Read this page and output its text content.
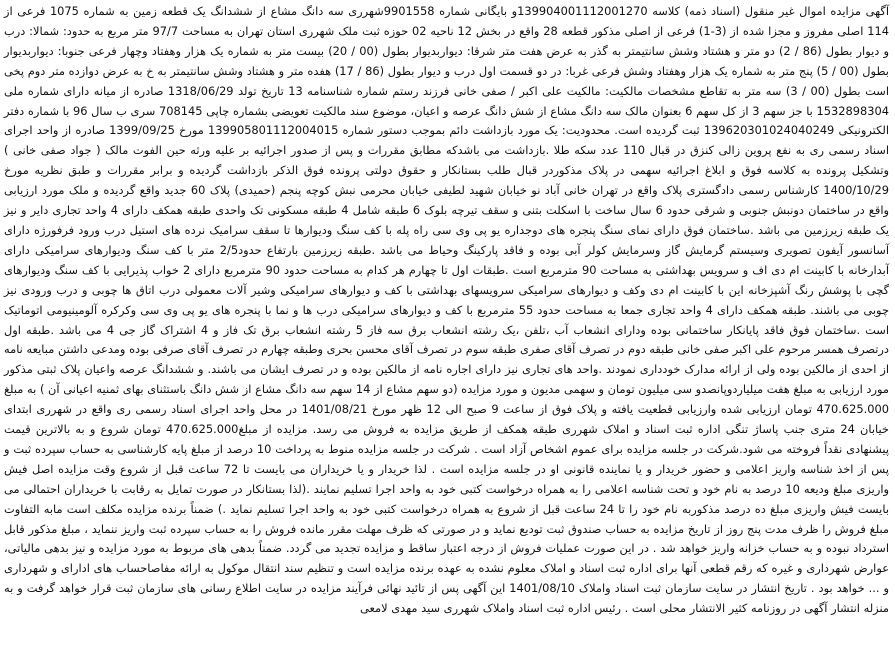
آگهی مزایده اموال غیر منقول (اسناد ذمه) کلاسه 139904001112001270و بایگانی شماره 9901558شهرری سه دانگ مشاع از ششدانگ یک قطعه زمین به شماره 1075 فرعی از 114 اصلی مفروز و مجزا شده از (3-1) فرعی از اصلی مذکور قطعه 28 واقع در بخش 12 ناحیه 02 حوزه ثبت ملک شهرری استان تهران به مساحت 97/7 متر مربع به حدود: شمالا: درب و دیوار بطول (86 / 2) دو متر و هشتاد وشش سانتیمتر به گذر به عرض هفت متر شرقا: دیواربدیوار بطول (00 / 20) بیست متر به شماره یک هزار وهفتاد وچهار فرعی جنوبا: دیواربدیوار بطول (00 / 5) پنج متر به شماره یک هزار وهفتاد وشش فرعی غربا: در دو قسمت اول درب و دیوار بطول (86 / 17) هفده متر و هشتاد وشش سانتیمتر به خ به عرض دوازده متر دوم پخی است بطول (00 / 3) سه متر به تقاطع مشخصات مالکیت: مالکیت علی اکبر / صفی خانی فرزند رستم شماره شناسنامه 13 تاریخ تولد 1318/06/29 صادره از میانه دارای شماره ملی 1532898304 با جز سهم 3 از کل سهم 6 بعنوان مالک سه دانگ مشاع از شش دانگ عرصه و اعیان، موضوع سند مالکیت تعویضی بشماره چاپی 708145 سری ب سال 96 با شماره دفتر الکترونیکی 139620301024040249 ثبت گردیده است. محدودیت: یک مورد بازداشت دائم بموجب دستور شماره 139905801112004015 مورخ 1399/09/25 صادره از واحد اجرای اسناد رسمی ری به نفع پروین زالی کنزق در قبال 110 عدد سکه طلا .بازداشت می باشدکه مطابق مقررات و پس از صدور اجرائیه بر علیه ورثه حین الفوت مالک ( جواد صفی خانی ) وتشکیل پرونده به کلاسه فوق و ابلاغ اجرائیه سهمی در پلاک مذکوردر قبال طلب بستانکار و حقوق دولتی پرونده فوق الذکر بازداشت گردیده و برابر مقررات و طبق نظریه مورخ 1400/10/29 کارشناس رسمی دادگستری پلاک واقع در تهران خانی آباد نو خیابان شهید لطیفی خیابان محرمی نبش کوچه پنجم (حمیدی) پلاک 60 جدید واقع گردیده و ملک مورد ارزیابی واقع در ساختمان دونبش جنوبی و شرقی حدود 6 سال ساخت با اسکلت بتنی و سقف تیرچه بلوک 6 طبقه شامل 4 طبقه مسکونی تک واحدی طبقه همکف دارای 4 واحد تجاری دایر و نیز یک طبقه زیرزمین می باشد .ساختمان فوق دارای نمای سنگ پنجره های دوجداره یو پی وی سی راه پله با کف سنگ ودیوارها تا سقف سرامیک نرده های استیل درب ورود فرفورژه دارای آسانسور آیفون تصویری وسیستم گرمایش گاز وسرمایش کولر آبی بوده و فاقد پارکینگ وحیاط می باشد .طبقه زیرزمین بارتفاع حدود2/5 متر با کف سنگ ودیوارهای سرامیکی دارای آبدارخانه با کابینت ام دی اف و سرویس بهداشتی به مساحت 90 مترمربع است .طبقات اول تا چهارم هر کدام به مساحت حدود 90 مترمربع دارای 2 خواب پذیرایی با کف سنگ ودیوارهای گچی با پوشش رنگ آشپزخانه این با کابینت ام دی وکف و دیوارهای سرامیکی سرویسهای بهداشتی با کف و دیوارهای سرامیکی وشیر آلات معمولی درب اتاق ها چوبی و درب ورودی نیز چوبی می باشند. طبقه همکف دارای 4 واحد تجاری جمعا به مساحت حدود 55 مترمربع با کف و دیوارهای سرامیکی درب ها و نما با پنجره های یو پی وی سی وکرکره آلومینیومی اتوماتیک است .ساختمان فوق فاقد پایانکار ساختمانی بوده ودارای انشعاب آب ،تلفن ،یک رشته انشعاب برق سه فاز 5 رشته انشعاب برق تک فاز و 4 اشتراک گاز جی 4 می باشد .طبقه اول درتصرف همسر مرحوم علی اکبر صفی خانی طبقه دوم در تصرف آقای صفری طبقه سوم در تصرف آقای محسن بحری وطبقه چهارم در تصرف آقای صرفی بوده ومدعی داشتن مبایعه نامه از احدی از مالکین بوده ولی از ارائه مدارک خودداری نمودند .واحد های تجاری نیز دارای اجاره نامه از مالکین بوده و در تصرف ایشان می باشند. و ششدانگ عرصه واعیان پلاک ثبتی مذکور مورد ارزیابی به مبلغ هفت میلیاردوپانصدو سی میلیون تومان و سهمی مدیون و مورد مزایده (دو سهم مشاع از 14 سهم سه دانگ مشاع از شش دانگ باستثنای بهای ثمنیه اعیانی آن ) به مبلغ 470.625.000 تومان ارزیابی شده وارزیابی قطعیت یافته و پلاک فوق از ساعت 9 صبح الی 12 ظهر مورخ 1401/08/21 در محل واحد اجرای اسناد رسمی ری واقع در شهرری ابتدای خیابان 24 متری جنب پاساژ تنگی اداره ثبت اسناد و املاک شهرری طبقه همکف از طریق مزایده به فروش می رسد. مزایده از مبلغ470.625.000 تومان شروع و به بالاترین قیمت پیشنهادی نقداً فروخته می شود.شرکت در جلسه مزایده برای عموم اشخاص آزاد است . شرکت در جلسه مزایده منوط به پرداخت 10 درصد از مبلغ پایه کارشناسی به حساب سپرده ثبت و پس از اخذ شناسه واریز اعلامی و حضور خریدار و یا نماینده قانونی او در جلسه مزایده است . لذا خریدار و یا خریداران می بایست تا 72 ساعت قبل از شروع وقت مزایده اصل فیش واریزی مبلغ ودیعه 10 درصد به نام خود و تحت شناسه اعلامی را به همراه درخواست کتبی خود به واحد اجرا تسلیم نمایند .(لذا بستانکار در صورت تمایل به رقابت با خریداران احتمالی می بایست فیش واریزی مبلغ ده درصد مذکوربه نام خود را تا 24 ساعت قبل از شروع به همراه درخواست کتبی خود به واحد اجرا تسلیم نماید .) ضمناً برنده مزایده مکلف است مابه التفاوت مبلغ فروش را ظرف مدت پنج روز از تاریخ مزایده به حساب صندوق ثبت تودیع نماید و در صورتی که ظرف مهلت مقرر مانده فروش را به حساب سپرده ثبت واریز ننماید ، مبلغ مذکور قابل استرداد نبوده و به حساب خزانه واریز خواهد شد . در این صورت عملیات فروش از درجه اعتبار ساقط و مزایده تجدید می گردد. ضمناً بدهی های مربوط به مورد مزایده و نیز بدهی مالیاتی، عوارض شهرداری و غیره که رقم قطعی آنها برای اداره ثبت اسناد و املاک معلوم نشده به عهده برنده مزایده است و تنظیم سند انتقال موکول به ارائه مفاصاحساب های ادارای و شهرداری و ... خواهد بود . تاریخ انتشار در سایت سازمان ثبت اسناد واملاک 1401/08/10 این آگهی پس از تائید نهائی فرآیند مزایده در سایت اطلاع رسانی های سازمان ثبت قرار خواهد گرفت و به منزله انتشار آگهی در روزنامه کثیر الانتشار محلی است . رئیس اداره ثبت اسناد واملاک شهرری سید مهدی لامعی
